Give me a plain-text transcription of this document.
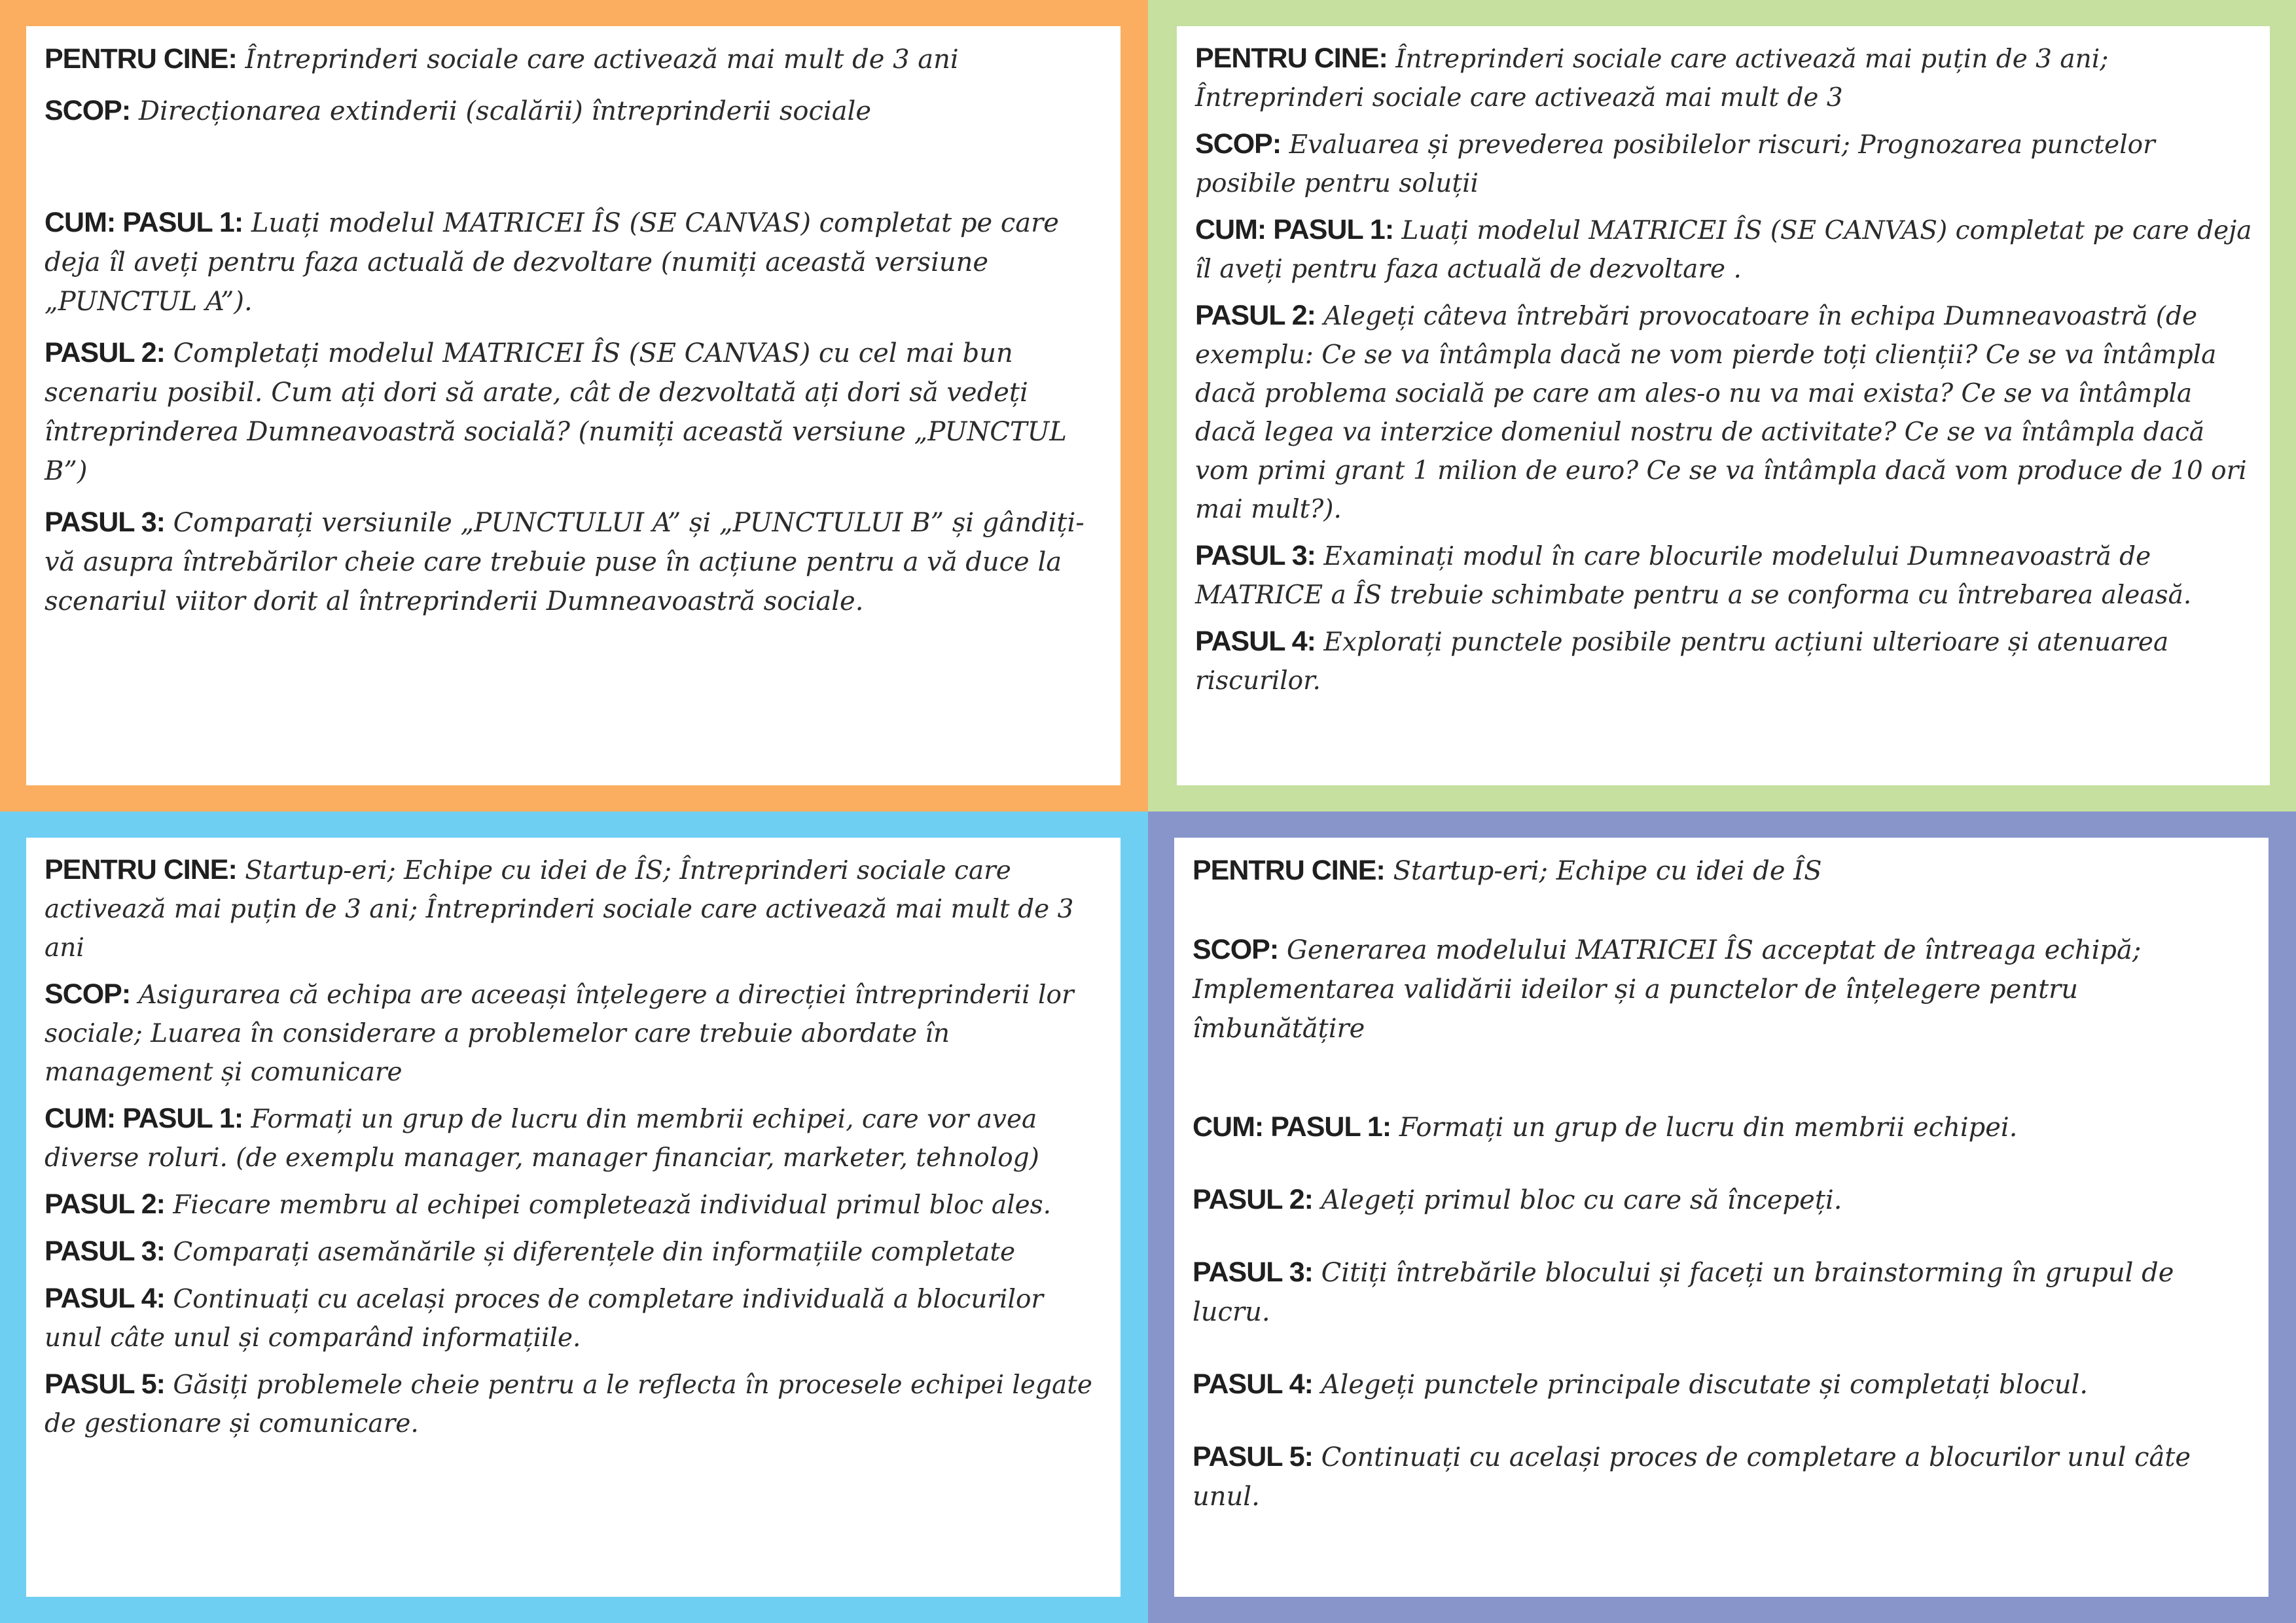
PENTRU CINE: Întreprinderi sociale care activează mai mult de 3 ani

SCOP: Direcționarea extinderii (scalării) întreprinderii sociale

CUM: PASUL 1: Luați modelul MATRICEI ÎS (SE CANVAS) completat pe care deja îl aveți pentru faza actuală de dezvoltare (numiți această versiune „PUNCTUL A”).

PASUL 2: Completați modelul MATRICEI ÎS (SE CANVAS) cu cel mai bun scenariu posibil. Cum ați dori să arate, cât de dezvoltată ați dori să vedeți întreprinderea Dumneavoastră socială? (numiți această versiune „PUNCTUL B”)

PASUL 3: Comparați versiunile „PUNCTULUI A” și „PUNCTULUI B” și gândiți-vă asupra întrebărilor cheie care trebuie puse în acțiune pentru a vă duce la scenariul viitor dorit al întreprinderii Dumneavoastră sociale.

PENTRU CINE: Întreprinderi sociale care activează mai puțin de 3 ani; Întreprinderi sociale care activează mai mult de 3

SCOP: Evaluarea și prevederea posibilelor riscuri; Prognozarea punctelor posibile pentru soluții

CUM: PASUL 1: Luați modelul MATRICEI ÎS (SE CANVAS) completat pe care deja îl aveți pentru faza actuală de dezvoltare .

PASUL 2: Alegeți câteva întrebări provocatoare în echipa Dumneavoastră (de exemplu: Ce se va întâmpla dacă ne vom pierde toți clienții? Ce se va întâmpla dacă problema socială pe care am ales-o nu va mai exista? Ce se va întâmpla dacă legea va interzice domeniul nostru de activitate? Ce se va întâmpla dacă vom primi grant 1 milion de euro? Ce se va întâmpla dacă vom produce de 10 ori mai mult?).

PASUL 3: Examinați modul în care blocurile modelului Dumneavoastră de MATRICE a ÎS trebuie schimbate pentru a se conforma cu întrebarea aleasă.

PASUL 4: Explorați punctele posibile pentru acțiuni ulterioare și atenuarea riscurilor.

PENTRU CINE: Startup-eri; Echipe cu idei de ÎS; Întreprinderi sociale care activează mai puțin de 3 ani; Întreprinderi sociale care activează mai mult de 3 ani

SCOP: Asigurarea că echipa are aceeași înțelegere a direcției întreprinderii lor sociale; Luarea în considerare a problemelor care trebuie abordate în management și comunicare

CUM: PASUL 1: Formați un grup de lucru din membrii echipei, care vor avea diverse roluri. (de exemplu manager, manager financiar, marketer, tehnolog)

PASUL 2: Fiecare membru al echipei completează individual primul bloc ales.

PASUL 3: Comparați asemănările și diferențele din informațiile completate

PASUL 4: Continuați cu același proces de completare individuală a blocurilor unul câte unul și comparând informațiile.

PASUL 5: Găsiți problemele cheie pentru a le reflecta în procesele echipei legate de gestionare și comunicare.

PENTRU CINE: Startup-eri; Echipe cu idei de ÎS

SCOP: Generarea modelului MATRICEI ÎS acceptat de întreaga echipă; Implementarea validării ideilor și a punctelor de înțelegere pentru îmbunătățire

CUM: PASUL 1: Formați un grup de lucru din membrii echipei.

PASUL 2: Alegeți primul bloc cu care să începeți.

PASUL 3: Citiți întrebările blocului și faceți un brainstorming în grupul de lucru.

PASUL 4: Alegeți punctele principale discutate și completați blocul.

PASUL 5: Continuați cu același proces de completare a blocurilor unul câte unul.
